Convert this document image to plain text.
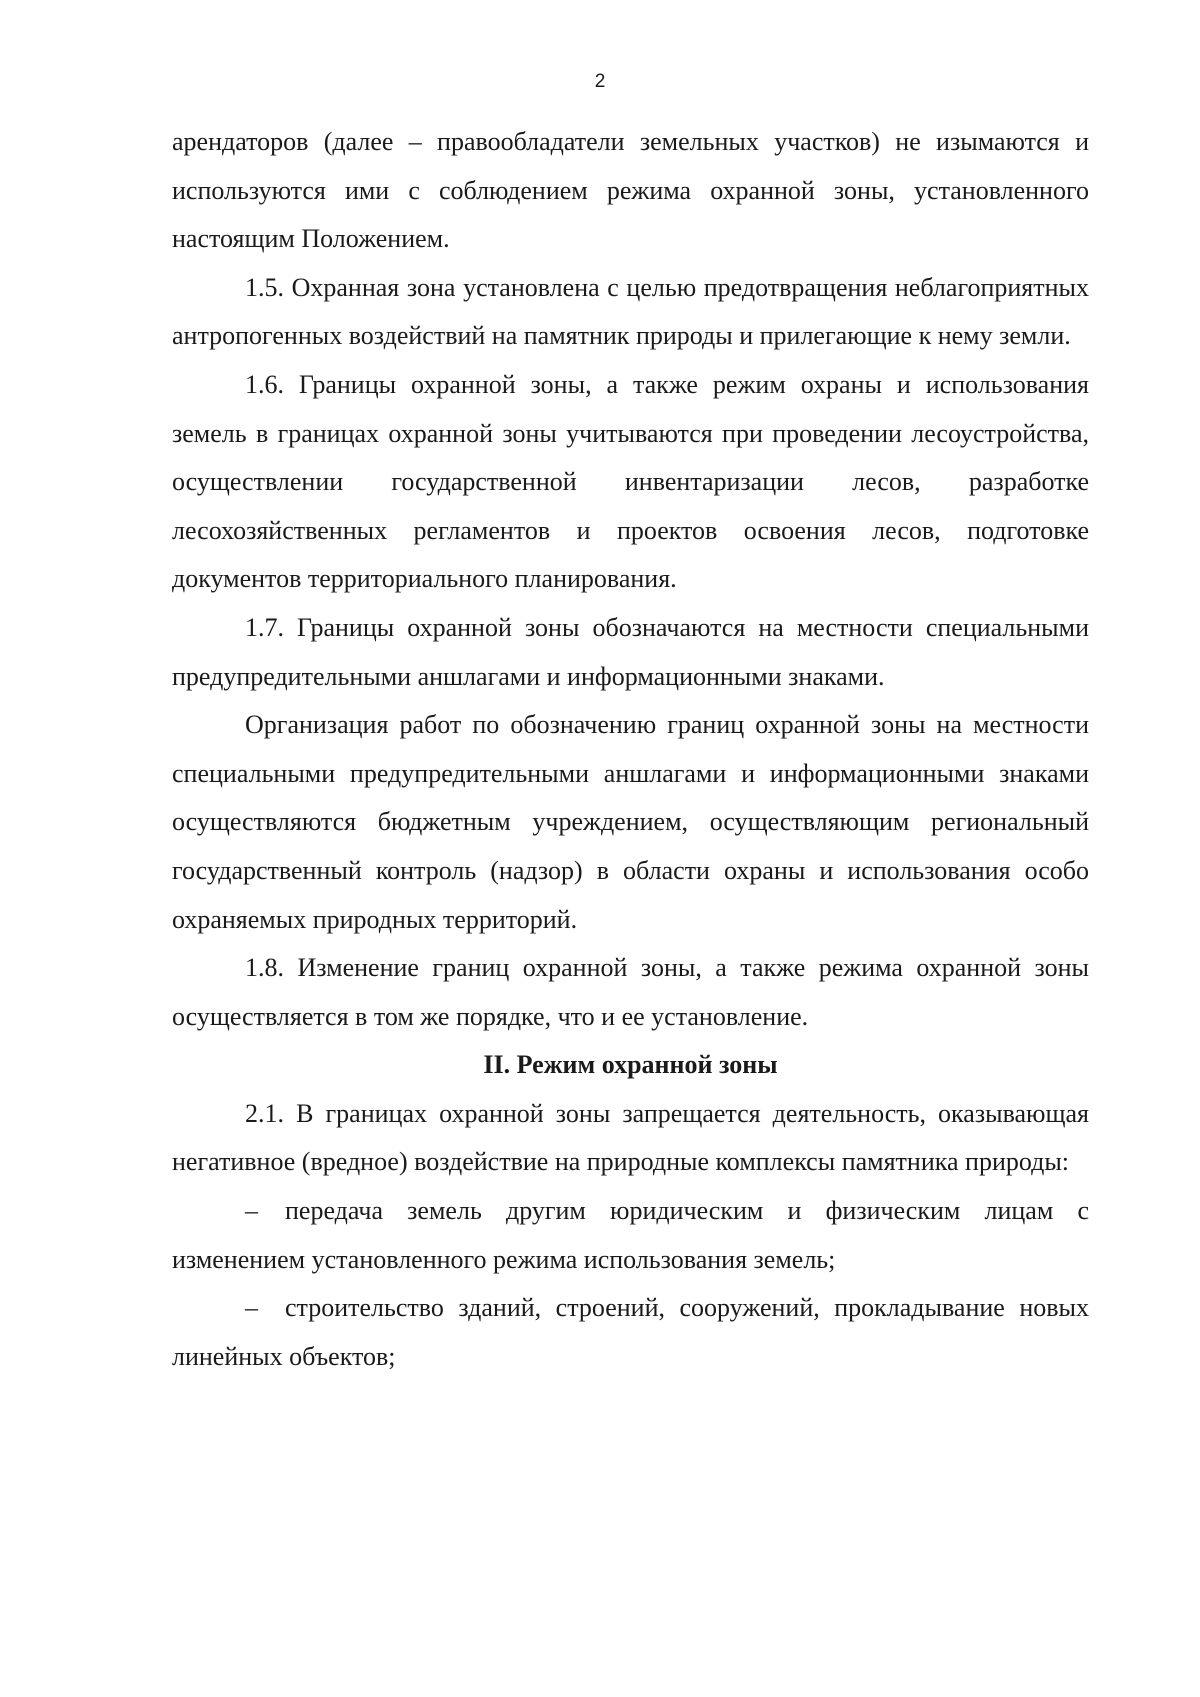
2

арендаторов (далее – правообладатели земельных участков) не изымаются и используются ими с соблюдением режима охранной зоны, установленного настоящим Положением.

1.5. Охранная зона установлена с целью предотвращения неблагоприятных антропогенных воздействий на памятник природы и прилегающие к нему земли.

1.6. Границы охранной зоны, а также режим охраны и использования земель в границах охранной зоны учитываются при проведении лесоустройства, осуществлении государственной инвентаризации лесов, разработке лесохозяйственных регламентов и проектов освоения лесов, подготовке документов территориального планирования.

1.7. Границы охранной зоны обозначаются на местности специальными предупредительными аншлагами и информационными знаками.

Организация работ по обозначению границ охранной зоны на местности специальными предупредительными аншлагами и информационными знаками осуществляются бюджетным учреждением, осуществляющим региональный государственный контроль (надзор) в области охраны и использования особо охраняемых природных территорий.

1.8. Изменение границ охранной зоны, а также режима охранной зоны осуществляется в том же порядке, что и ее установление.

II. Режим охранной зоны

2.1. В границах охранной зоны запрещается деятельность, оказывающая негативное (вредное) воздействие на природные комплексы памятника природы:

– передача земель другим юридическим и физическим лицам с изменением установленного режима использования земель;

– строительство зданий, строений, сооружений, прокладывание новых линейных объектов;
